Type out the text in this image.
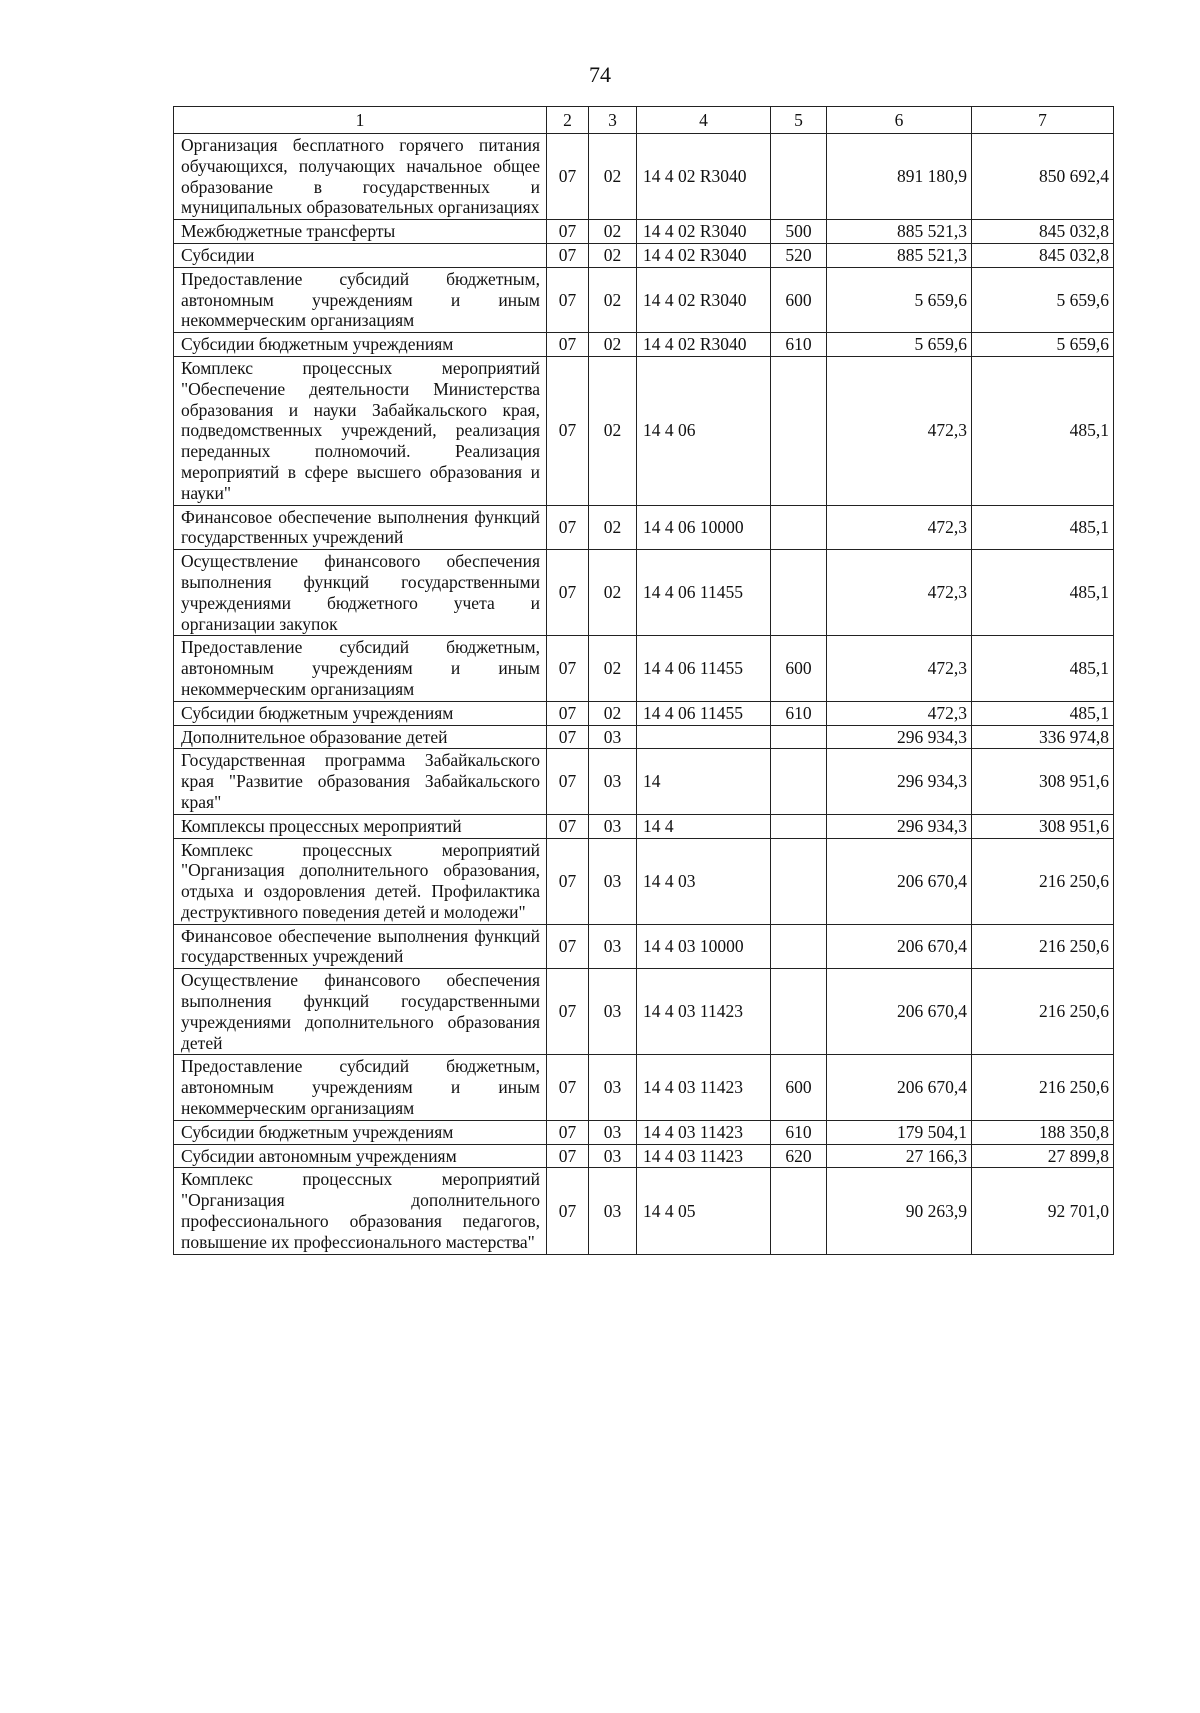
74
1	2	3	4	5	6	7
Организация бесплатного горячего питания обучающихся, получающих начальное общее образование в государственных и муниципальных образовательных организациях	07	02	14 4 02 R3040		891 180,9	850 692,4
Межбюджетные трансферты	07	02	14 4 02 R3040	500	885 521,3	845 032,8
Субсидии	07	02	14 4 02 R3040	520	885 521,3	845 032,8
Предоставление субсидий бюджетным, автономным учреждениям и иным некоммерческим организациям	07	02	14 4 02 R3040	600	5 659,6	5 659,6
Субсидии бюджетным учреждениям	07	02	14 4 02 R3040	610	5 659,6	5 659,6
Комплекс процессных мероприятий "Обеспечение деятельности Министерства образования и науки Забайкальского края, подведомственных учреждений, реализация переданных полномочий. Реализация мероприятий в сфере высшего образования и науки"	07	02	14 4 06		472,3	485,1
Финансовое обеспечение выполнения функций государственных учреждений	07	02	14 4 06 10000		472,3	485,1
Осуществление финансового обеспечения выполнения функций государственными учреждениями бюджетного учета и организации закупок	07	02	14 4 06 11455		472,3	485,1
Предоставление субсидий бюджетным, автономным учреждениям и иным некоммерческим организациям	07	02	14 4 06 11455	600	472,3	485,1
Субсидии бюджетным учреждениям	07	02	14 4 06 11455	610	472,3	485,1
Дополнительное образование детей	07	03			296 934,3	336 974,8
Государственная программа Забайкальского края "Развитие образования Забайкальского края"	07	03	14		296 934,3	308 951,6
Комплексы процессных мероприятий	07	03	14 4		296 934,3	308 951,6
Комплекс процессных мероприятий "Организация дополнительного образования, отдыха и оздоровления детей. Профилактика деструктивного поведения детей и молодежи"	07	03	14 4 03		206 670,4	216 250,6
Финансовое обеспечение выполнения функций государственных учреждений	07	03	14 4 03 10000		206 670,4	216 250,6
Осуществление финансового обеспечения выполнения функций государственными учреждениями дополнительного образования детей	07	03	14 4 03 11423		206 670,4	216 250,6
Предоставление субсидий бюджетным, автономным учреждениям и иным некоммерческим организациям	07	03	14 4 03 11423	600	206 670,4	216 250,6
Субсидии бюджетным учреждениям	07	03	14 4 03 11423	610	179 504,1	188 350,8
Субсидии автономным учреждениям	07	03	14 4 03 11423	620	27 166,3	27 899,8
Комплекс процессных мероприятий "Организация дополнительного профессионального образования педагогов, повышение их профессионального мастерства"	07	03	14 4 05		90 263,9	92 701,0
